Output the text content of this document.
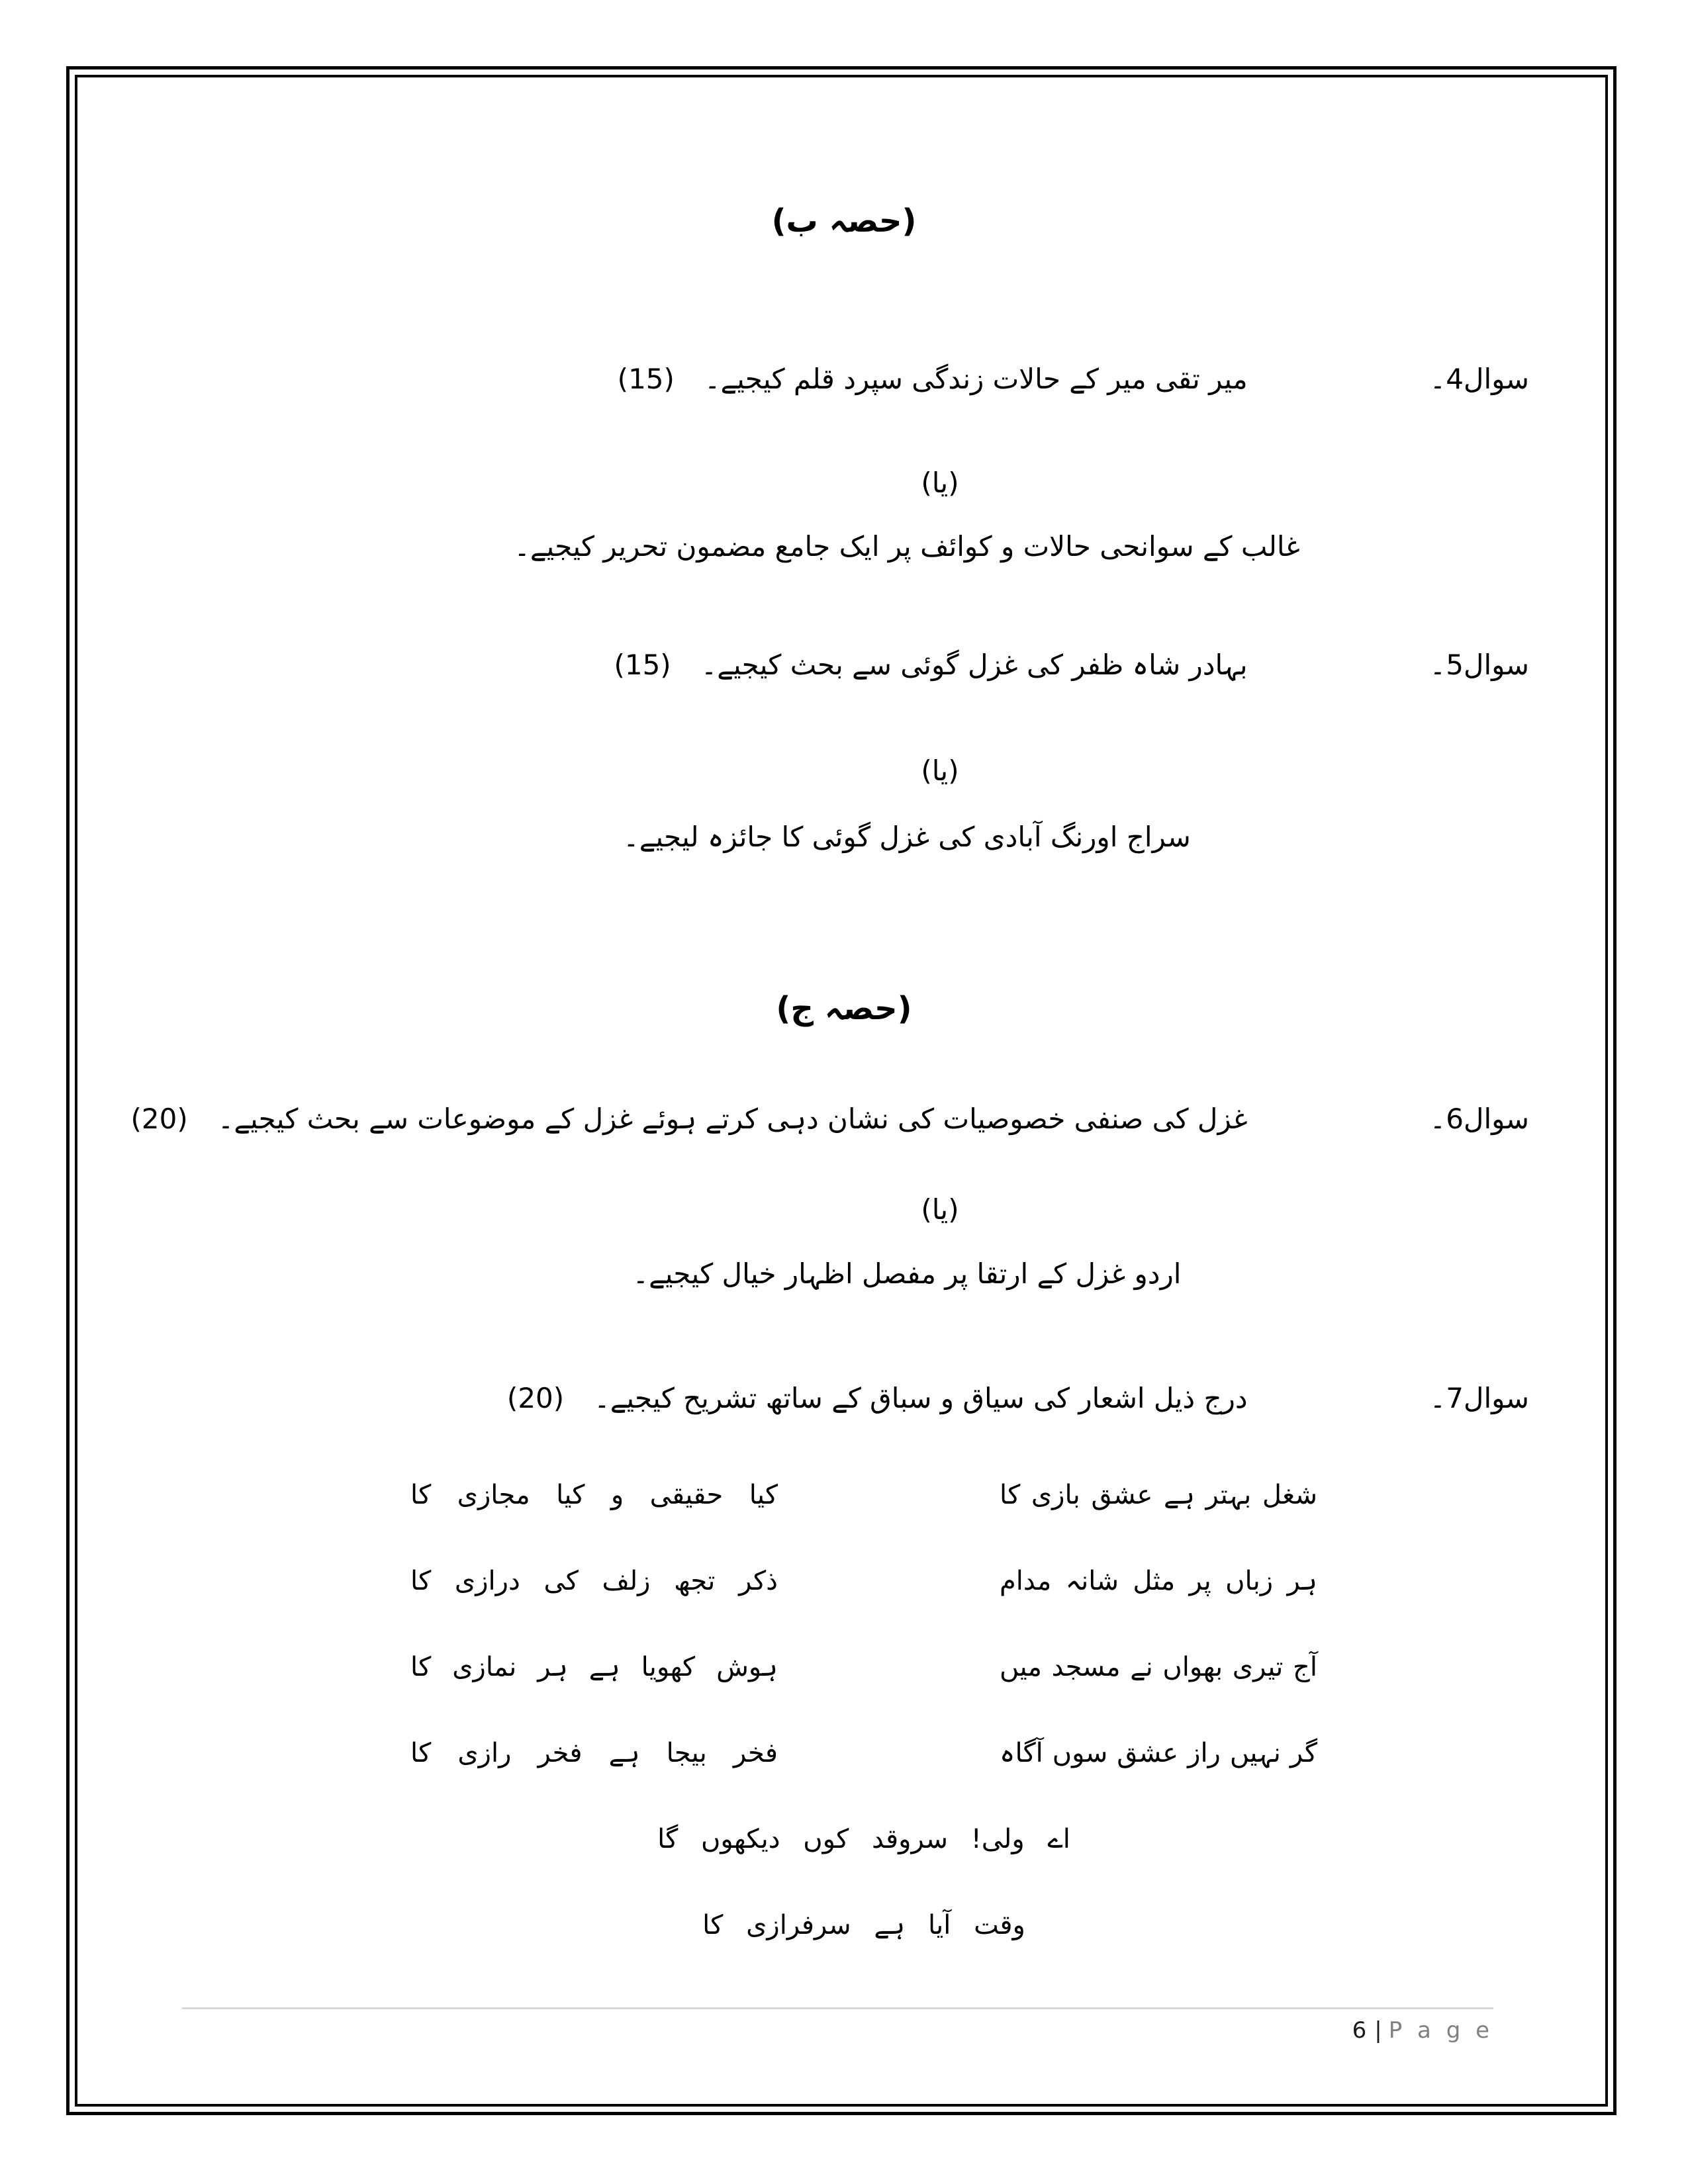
(حصہ ب)

سوال4۔
میر تقی میر کے حالات زندگی سپرد قلم کیجیے۔(15)

(یا)

غالب کے سوانحی حالات و کوائف پر ایک جامع مضمون تحریر کیجیے۔

سوال5۔
بہادر شاہ ظفر کی غزل گوئی سے بحث کیجیے۔(15)

(یا)

سراج اورنگ آبادی کی غزل گوئی کا جائزہ لیجیے۔

(حصہ ج)

سوال6۔
غزل کی صنفی خصوصیات کی نشان دہی کرتے ہوئے غزل کے موضوعات سے بحث کیجیے۔(20)

(یا)

اردو غزل کے ارتقا پر مفصل اظہار خیال کیجیے۔

سوال7۔
درج ذیل اشعار کی سیاق و سباق کے ساتھ تشریح کیجیے۔(20)

شغل بہتر ہے عشق بازی کا
کیا حقیقی و کیا مجازی کا
ہر زباں پر مثل شانہ مدام
ذکر تجھ زلف کی درازی کا
آج تیری بھواں نے مسجد میں
ہوش کھویا ہے ہر نمازی کا
گر نہیں راز عشق سوں آگاہ
فخر بیجا ہے فخر رازی کا
اے ولی! سروقد کوں دیکھوں گا
وقت آیا ہے سرفرازی کا

6 | P a g e
